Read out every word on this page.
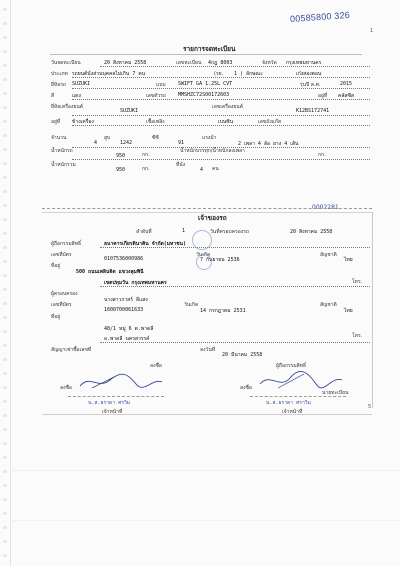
00585800 326
1
รายการจดทะเบียน
วันจดทะเบียน	20 สิงหาคม 2558	เลขทะเบียน 4กฎ 8003	จังหวัด กรุงเทพมหานคร
ประเภท รถยนต์นั่งส่วนบุคคลไม่เกิน 7 คน	(รย. 1 ) ลักษณะ	เก๋งสองตอน
ยี่ห้อรถ SUZUKI	แบบ SWIFT GA 1.25L CVT	รุ่นปี ค.ศ.	2015
สี	แดง	เลขตัวรถ MMSHZC72S00172603	อยู่ที่ คลัสซีส
ยี่ห้อเครื่องยนต์
SUZUKI
เลขเครื่องยนต์
K12BS172741
อยู่ที่ ข้างเครื่อง	เชื้อเพลิง	เบนซิน	เลขถังแก๊ส
จำนวน
4
สูบ
1242
ซีซี
91
แรงม้า
2 เพลา 4 ล้อ ยาง 4 เส้น
น้ำหนักรถ
950	กก.
น้ำหนักบรรทุก/น้ำหนักลงเพลา
กก.
น้ำหนักรวม
950	กก.
ที่นั่ง
4 คน
0002281
เจ้าของรถ
ลำดับที่	1	วันที่ครอบครองรถ	20 สิงหาคม 2558
ผู้ถือกรรมสิทธิ์	ธนาคารเกียรตินาคิน จำกัด(มหาชน)
เลขที่บัตร
0107536000986
วันเกิด
7 กันยายน 2536
สัญชาติ
ไทย
ที่อยู่
500 ถนนเพลินจิต แขวงลุมพินี
เขตปทุมวัน กรุงเทพมหานคร	โทร.
ผู้ครอบครอง
นางสาวกาสร์ ลีแสง
เลขที่บัตร
1600700061633
วันเกิด
14 กรกฎาคม 2531
สัญชาติ
ไทย
ที่อยู่
48/1 หมู่ 6 ต.พาดลี
อ.พาดลี นครสวรรค์	โทร.
สัญญาเช่าซื้อเลขที่	ลงวันที่
20 มีนาคม 2558
ลงชื่อ	ผู้ถือกรรมสิทธิ์
ลงชื่อ	ลงชื่อ
นายทะเบียน
น.ส.ธราดา ศรวิม
เจ้าหน้าที่
น.ส.ธราดา ศราวิม
เจ้าหน้าที่
5
